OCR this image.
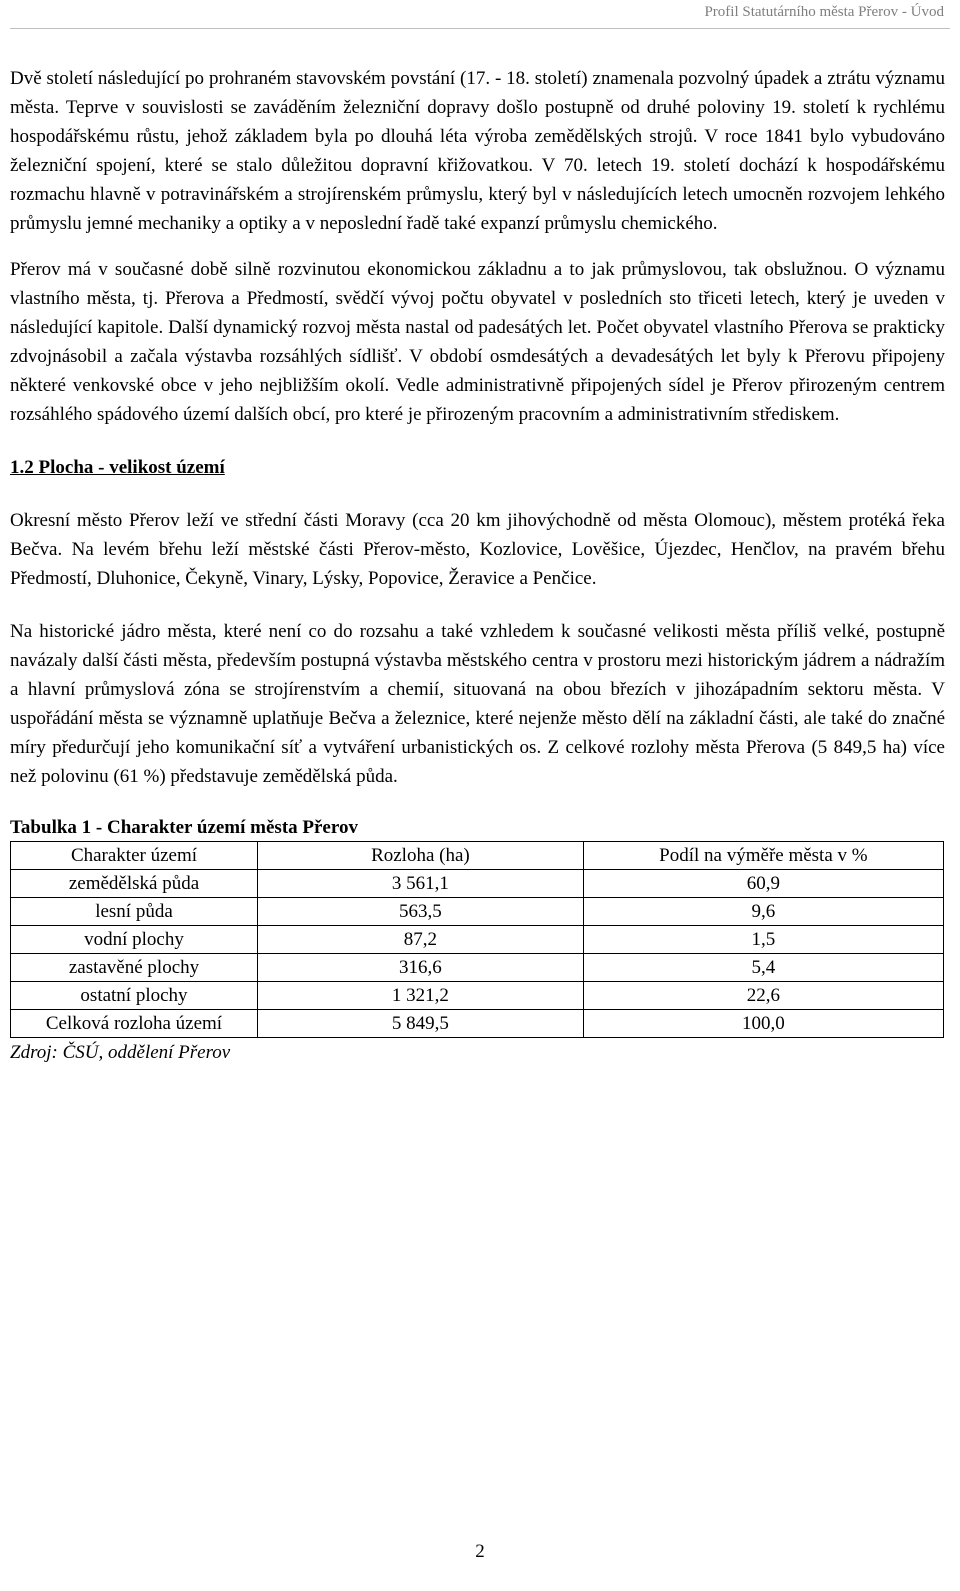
Profil Statutárního města Přerov - Úvod

Dvě století následující po prohraném stavovském povstání (17. - 18. století) znamenala pozvolný úpadek a ztrátu významu města. Teprve v souvislosti se zaváděním železniční dopravy došlo postupně od druhé poloviny 19. století k rychlému hospodářskému růstu, jehož základem byla po dlouhá léta výroba zemědělských strojů. V roce 1841 bylo vybudováno železniční spojení, které se stalo důležitou dopravní křižovatkou. V 70. letech 19. století dochází k hospodářskému rozmachu hlavně v potravinářském a strojírenském průmyslu, který byl v následujících letech umocněn rozvojem lehkého průmyslu jemné mechaniky a optiky a v neposlední řadě také expanzí průmyslu chemického.

Přerov má v současné době silně rozvinutou ekonomickou základnu a to jak průmyslovou, tak obslužnou. O významu vlastního města, tj. Přerova a Předmostí, svědčí vývoj počtu obyvatel v posledních sto třiceti letech, který je uveden v následující kapitole. Další dynamický rozvoj města nastal od padesátých let. Počet obyvatel vlastního Přerova se prakticky zdvojnásobil a začala výstavba rozsáhlých sídlišť. V období osmdesátých a devadesátých let byly k Přerovu připojeny některé venkovské obce v jeho nejbližším okolí. Vedle administrativně připojených sídel je Přerov přirozeným centrem rozsáhlého spádového území dalších obcí, pro které je přirozeným pracovním a administrativním střediskem.

1.2 Plocha - velikost území

Okresní město Přerov leží ve střední části Moravy (cca 20 km jihovýchodně od města Olomouc), městem protéká řeka Bečva. Na levém břehu leží městské části Přerov-město, Kozlovice, Lověšice, Újezdec, Henčlov, na pravém břehu Předmostí, Dluhonice, Čekyně, Vinary, Lýsky, Popovice, Žeravice a Penčice.

Na historické jádro města, které není co do rozsahu a také vzhledem k současné velikosti města příliš velké, postupně navázaly další části města, především postupná výstavba městského centra v prostoru mezi historickým jádrem a nádražím a hlavní průmyslová zóna se strojírenstvím a chemií, situovaná na obou březích v jihozápadním sektoru města. V uspořádání města se významně uplatňuje Bečva a železnice, které nejenže město dělí na základní části, ale také do značné míry předurčují jeho komunikační síť a vytváření urbanistických os. Z celkové rozlohy města Přerova (5 849,5 ha) více než polovinu (61 %) představuje zemědělská půda.

Tabulka 1 - Charakter území města Přerov

Charakter území	Rozloha (ha)	Podíl na výměře města v %
zemědělská půda	3 561,1	60,9
lesní půda	563,5	9,6
vodní plochy	87,2	1,5
zastavěné plochy	316,6	5,4
ostatní plochy	1 321,2	22,6
Celková rozloha území	5 849,5	100,0

Zdroj: ČSÚ, oddělení Přerov

2
